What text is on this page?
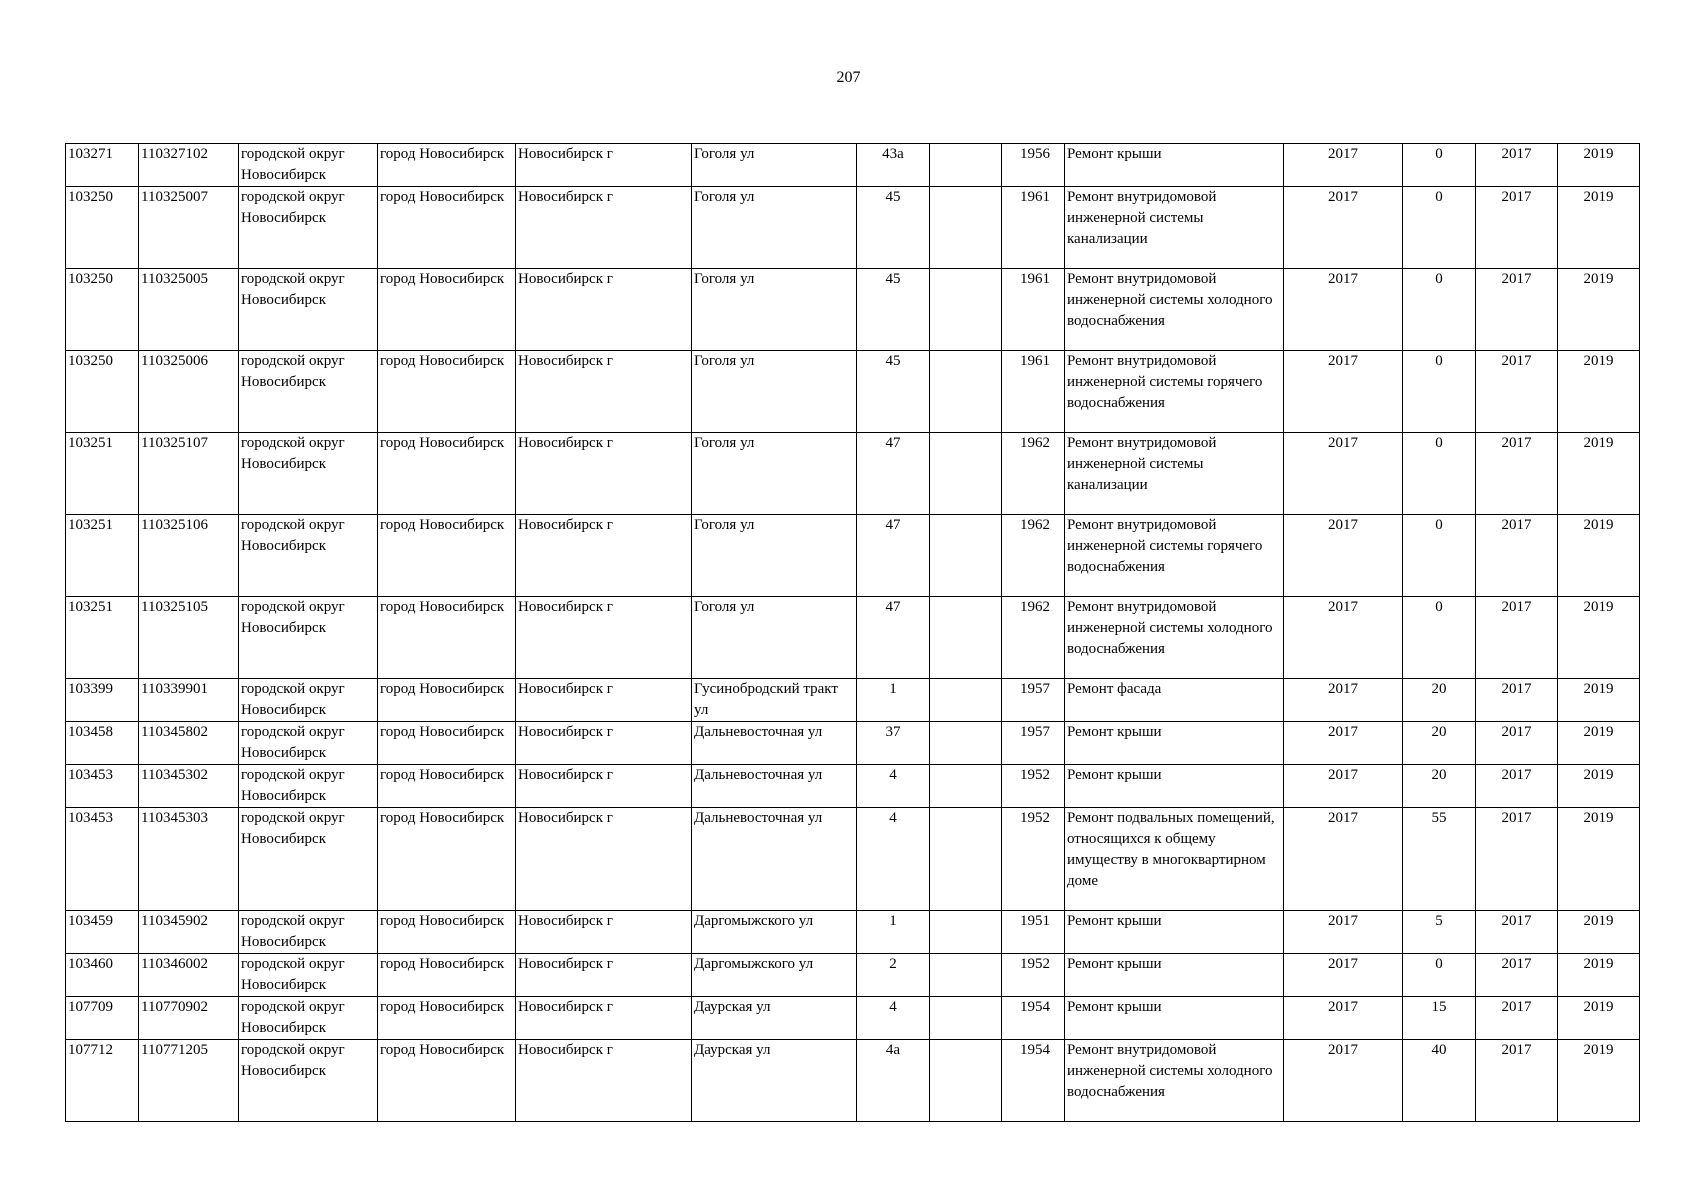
207
103271	110327102	городской округ Новосибирск	город Новосибирск	Новосибирск г	Гоголя ул	43а		1956	Ремонт крыши	2017	0	2017	2019
103250	110325007	городской округ Новосибирск	город Новосибирск	Новосибирск г	Гоголя ул	45		1961	Ремонт внутридомовой инженерной системы канализации	2017	0	2017	2019
103250	110325005	городской округ Новосибирск	город Новосибирск	Новосибирск г	Гоголя ул	45		1961	Ремонт внутридомовой инженерной системы холодного водоснабжения	2017	0	2017	2019
103250	110325006	городской округ Новосибирск	город Новосибирск	Новосибирск г	Гоголя ул	45		1961	Ремонт внутридомовой инженерной системы горячего водоснабжения	2017	0	2017	2019
103251	110325107	городской округ Новосибирск	город Новосибирск	Новосибирск г	Гоголя ул	47		1962	Ремонт внутридомовой инженерной системы канализации	2017	0	2017	2019
103251	110325106	городской округ Новосибирск	город Новосибирск	Новосибирск г	Гоголя ул	47		1962	Ремонт внутридомовой инженерной системы горячего водоснабжения	2017	0	2017	2019
103251	110325105	городской округ Новосибирск	город Новосибирск	Новосибирск г	Гоголя ул	47		1962	Ремонт внутридомовой инженерной системы холодного водоснабжения	2017	0	2017	2019
103399	110339901	городской округ Новосибирск	город Новосибирск	Новосибирск г	Гусинобродский тракт ул	1		1957	Ремонт фасада	2017	20	2017	2019
103458	110345802	городской округ Новосибирск	город Новосибирск	Новосибирск г	Дальневосточная ул	37		1957	Ремонт крыши	2017	20	2017	2019
103453	110345302	городской округ Новосибирск	город Новосибирск	Новосибирск г	Дальневосточная ул	4		1952	Ремонт крыши	2017	20	2017	2019
103453	110345303	городской округ Новосибирск	город Новосибирск	Новосибирск г	Дальневосточная ул	4		1952	Ремонт подвальных помещений, относящихся к общему имуществу в многоквартирном доме	2017	55	2017	2019
103459	110345902	городской округ Новосибирск	город Новосибирск	Новосибирск г	Даргомыжского ул	1		1951	Ремонт крыши	2017	5	2017	2019
103460	110346002	городской округ Новосибирск	город Новосибирск	Новосибирск г	Даргомыжского ул	2		1952	Ремонт крыши	2017	0	2017	2019
107709	110770902	городской округ Новосибирск	город Новосибирск	Новосибирск г	Даурская ул	4		1954	Ремонт крыши	2017	15	2017	2019
107712	110771205	городской округ Новосибирск	город Новосибирск	Новосибирск г	Даурская ул	4а		1954	Ремонт внутридомовой инженерной системы холодного водоснабжения	2017	40	2017	2019
